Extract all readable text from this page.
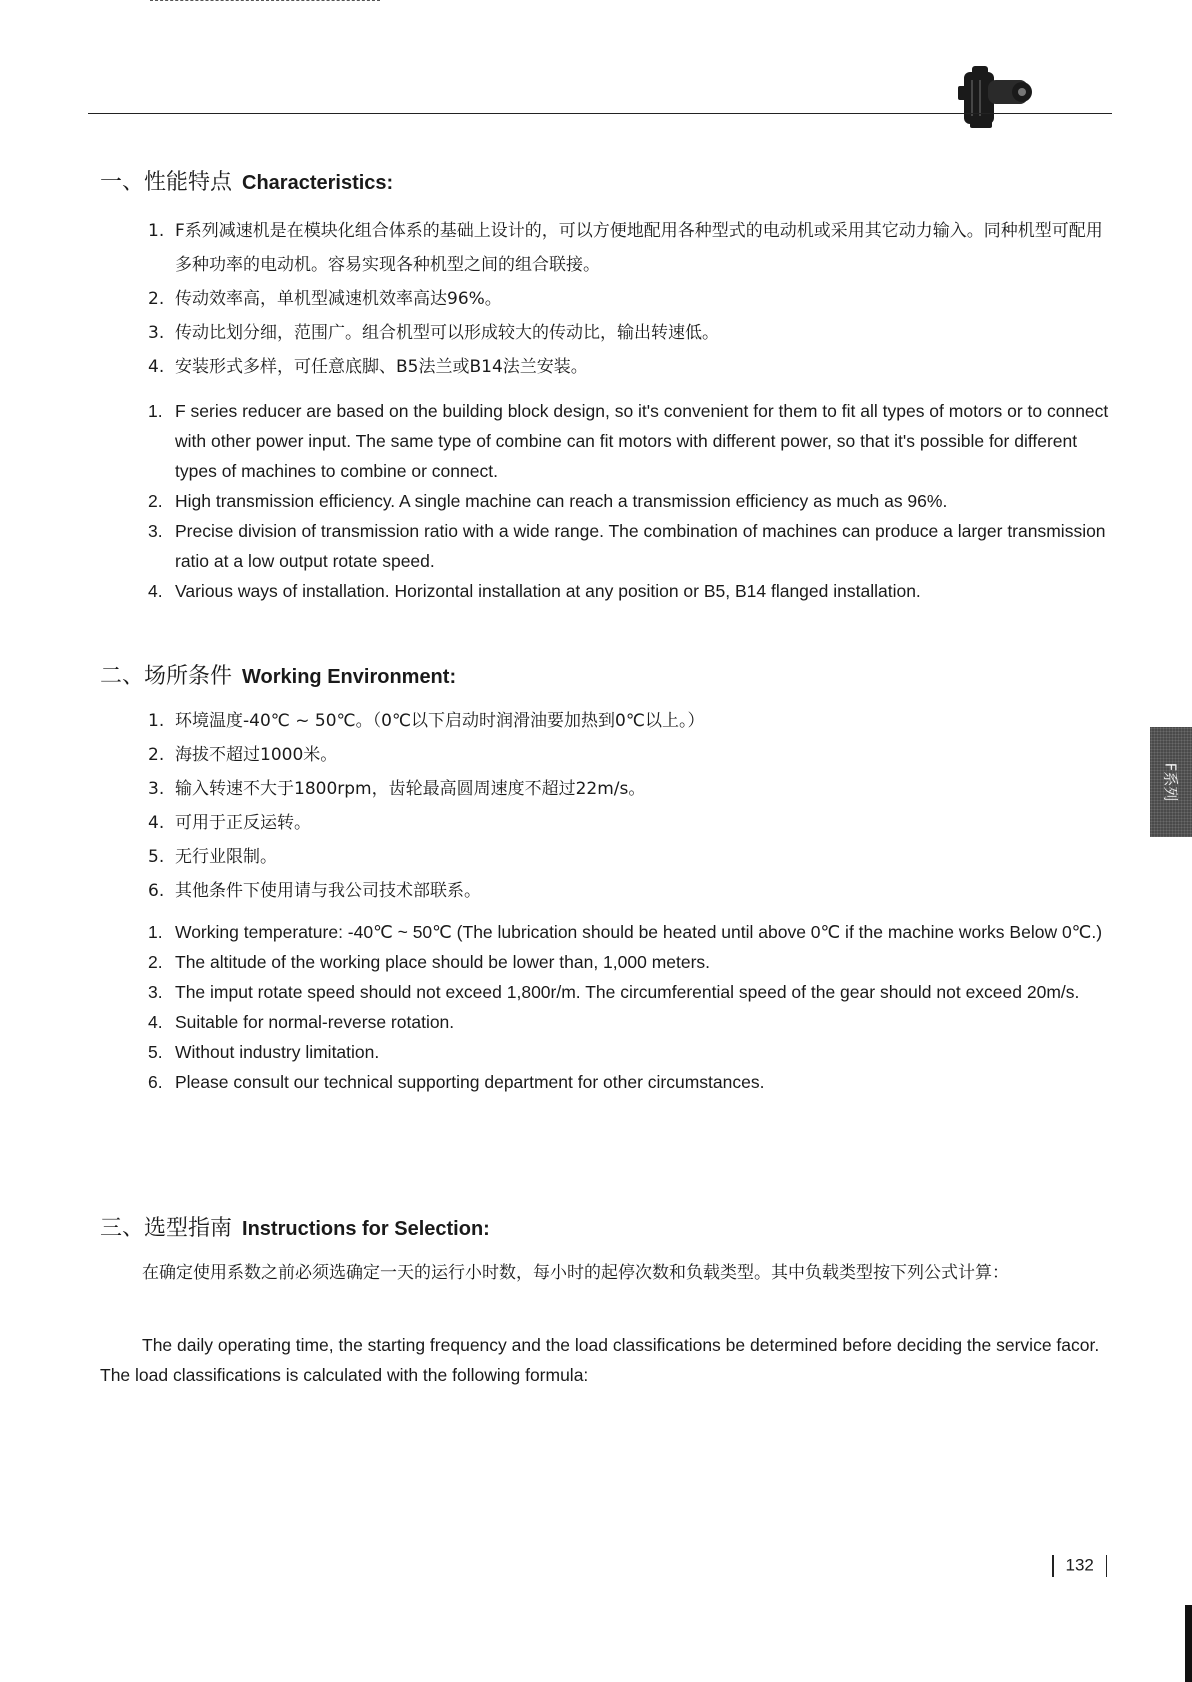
F系列
一、性能特点 Characteristics:
1. F系列减速机是在模块化组合体系的基础上设计的，可以方便地配用各种型式的电动机或采用其它动力输入。同种机型可配用多种功率的电动机。容易实现各种机型之间的组合联接。
2. 传动效率高，单机型减速机效率高达96%。
3. 传动比划分细，范围广。组合机型可以形成较大的传动比，输出转速低。
4. 安装形式多样，可任意底脚、B5法兰或B14法兰安装。
1. F series reducer are based on the building block design, so it's convenient for them to fit all types of motors or to connect with other power input. The same type of combine can fit motors with different power, so that it's possible for different types of machines to combine or connect.
2. High transmission efficiency. A single machine can reach a transmission efficiency as much as 96%.
3. Precise division of transmission ratio with a wide range. The combination of machines can produce a larger transmission ratio at a low output rotate speed.
4. Various ways of installation. Horizontal installation at any position or B5, B14 flanged installation.
二、场所条件 Working Environment:
1. 环境温度-40℃ ~ 50℃。（0℃以下启动时润滑油要加热到0℃以上。）
2. 海拔不超过1000米。
3. 输入转速不大于1800rpm，齿轮最高圆周速度不超过22m/s。
4. 可用于正反运转。
5. 无行业限制。
6. 其他条件下使用请与我公司技术部联系。
1. Working temperature: -40℃ ~ 50℃ (The lubrication should be heated until above 0℃ if the machine works Below 0℃.)
2. The altitude of the working place should be lower than, 1,000 meters.
3. The imput rotate speed should not exceed 1,800r/m. The circumferential speed of the gear should not exceed 20m/s.
4. Suitable for normal-reverse rotation.
5. Without industry limitation.
6. Please consult our technical supporting department for other circumstances.
三、选型指南 Instructions for Selection:

在确定使用系数之前必须选确定一天的运行小时数，每小时的起停次数和负载类型。其中负载类型按下列公式计算：

The daily operating time, the starting frequency and the load classifications be determined before deciding the service facor. The load classifications is calculated with the following formula:

132
